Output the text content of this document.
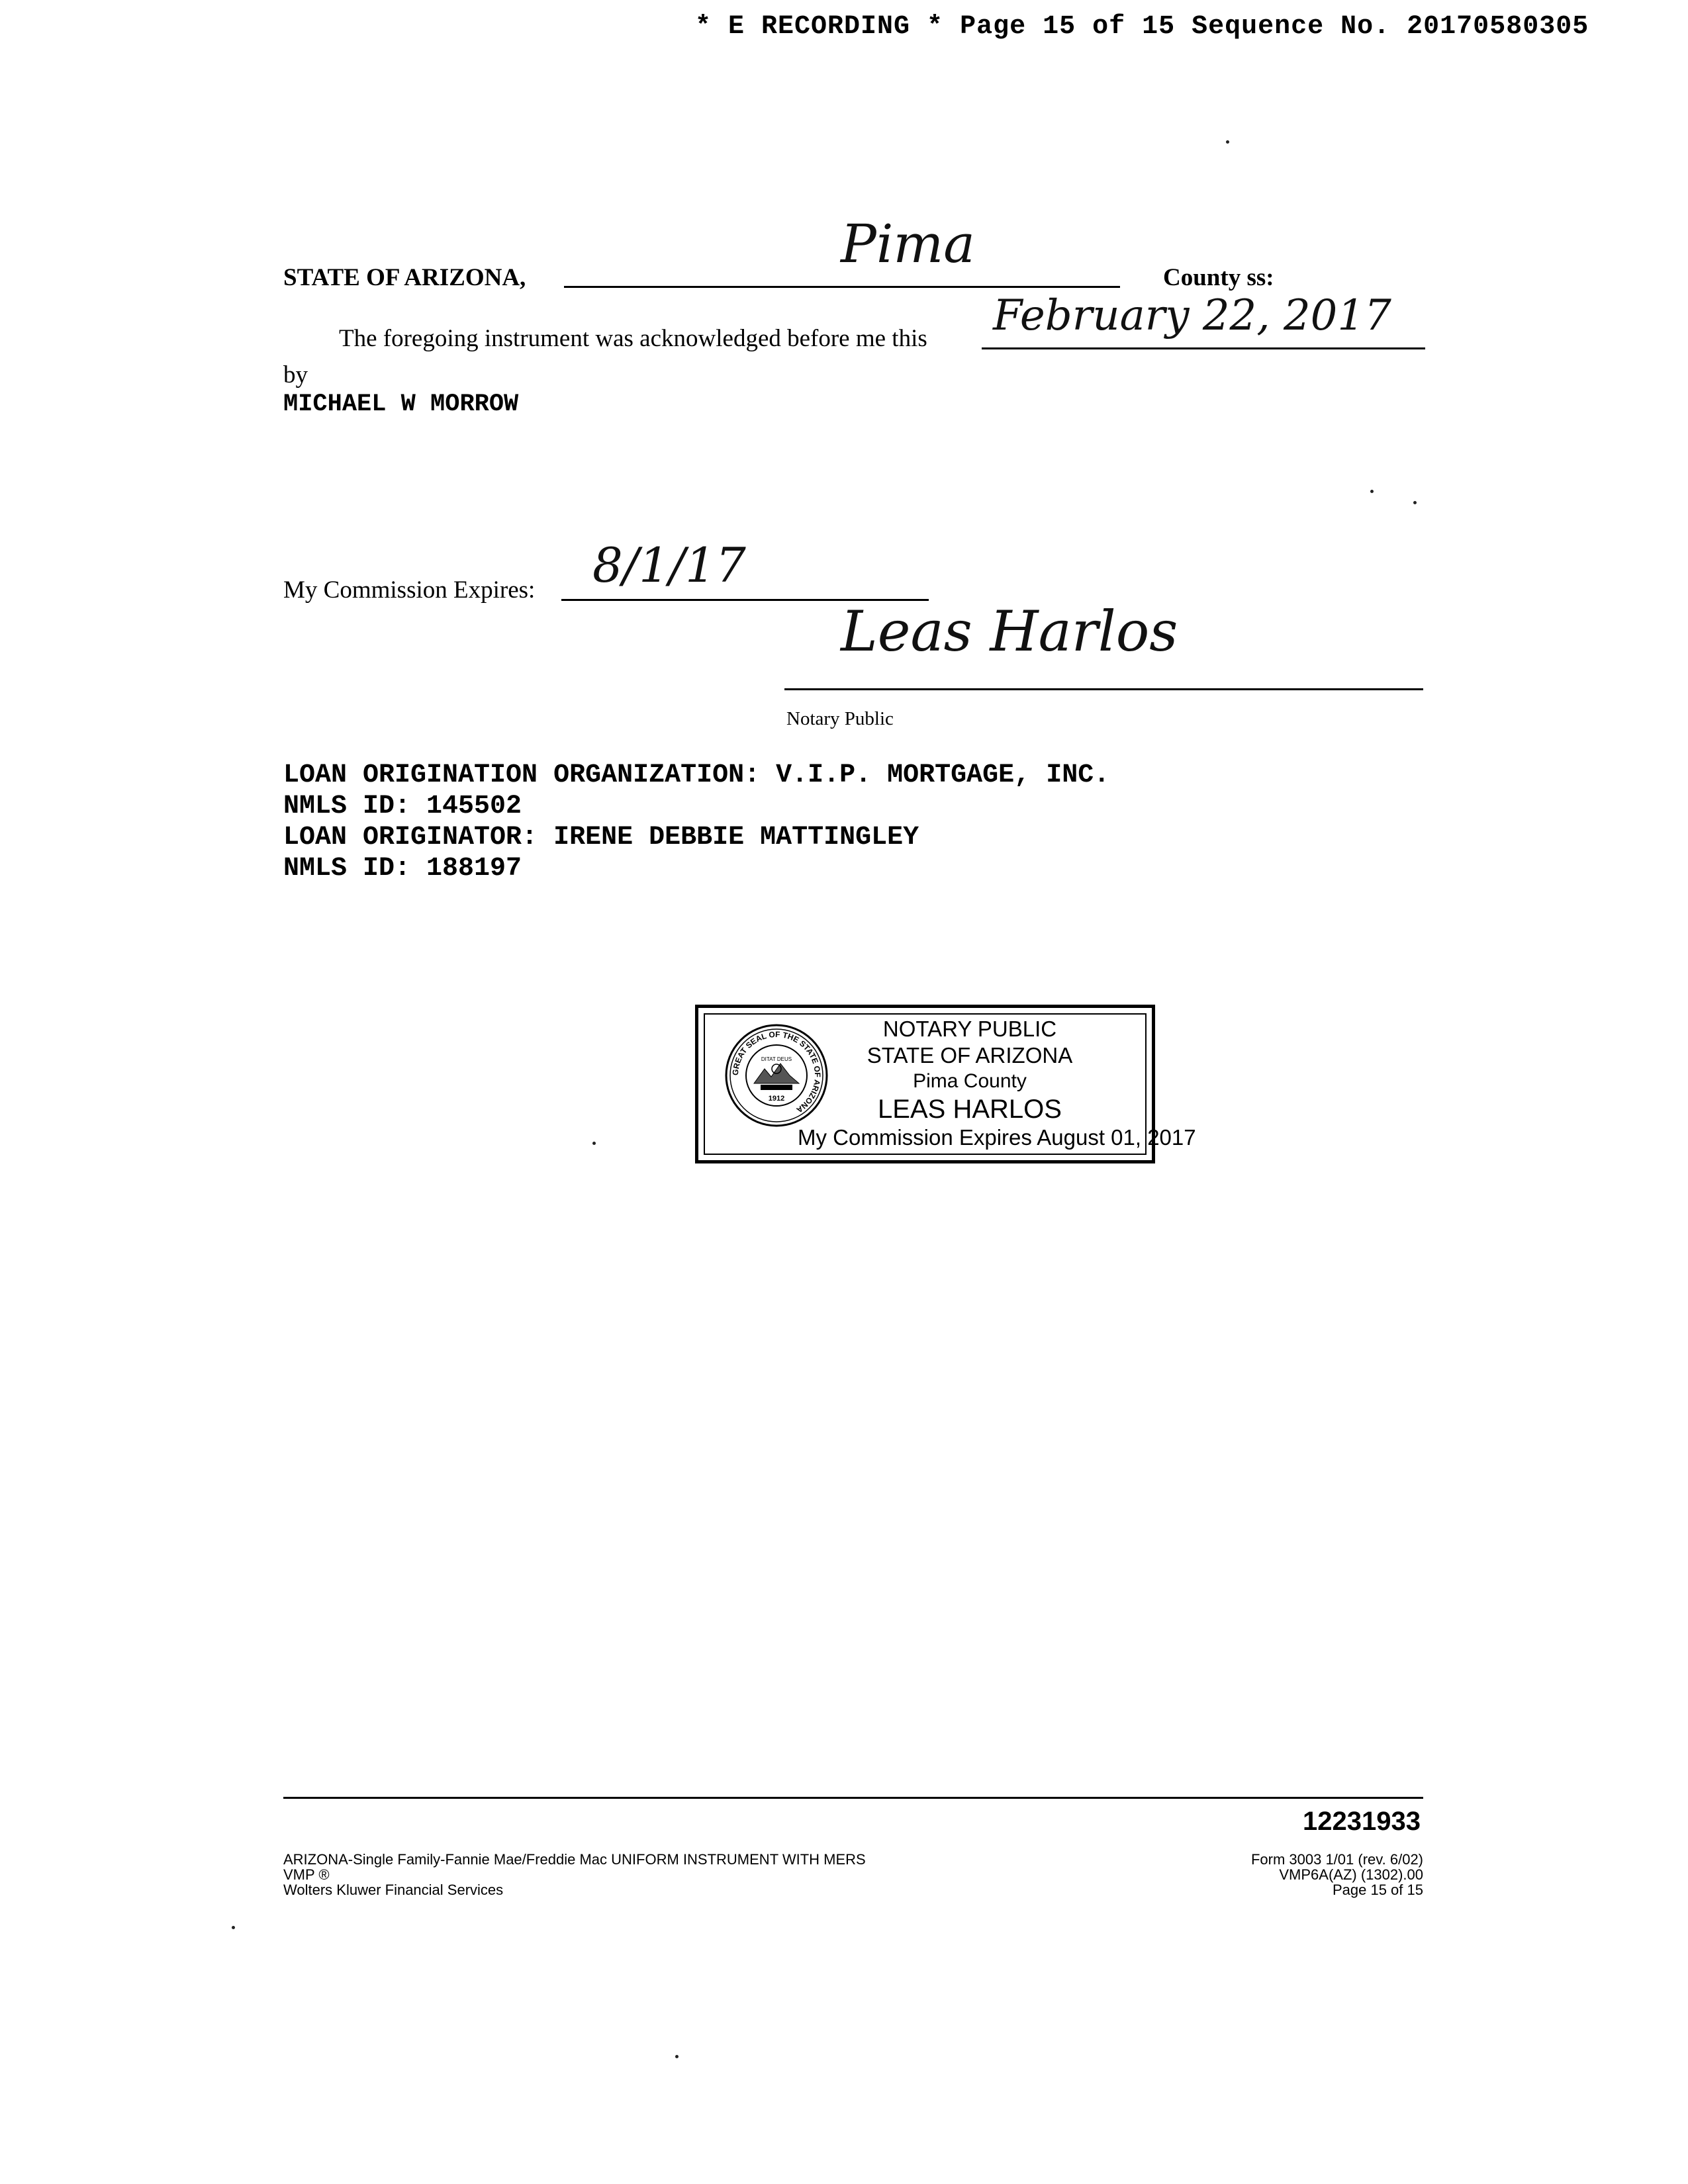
* E RECORDING * Page 15 of 15 Sequence No. 20170580305
STATE OF ARIZONA,
Pima
County ss:
The foregoing instrument was acknowledged before me this February 22, 2017
by
MICHAEL W MORROW
My Commission Expires: 8/1/17
Leas Harlos
Notary Public
LOAN ORIGINATION ORGANIZATION: V.I.P. MORTGAGE, INC.
NMLS ID: 145502
LOAN ORIGINATOR: IRENE DEBBIE MATTINGLEY
NMLS ID: 188197
GREAT SEAL OF THE STATE OF ARIZONA
DITAT DEUS
1912
NOTARY PUBLIC
STATE OF ARIZONA
Pima County
LEAS HARLOS
My Commission Expires August 01, 2017
12231933
ARIZONA-Single Family-Fannie Mae/Freddie Mac UNIFORM INSTRUMENT WITH MERS
VMP ®
Wolters Kluwer Financial Services
Form 3003 1/01 (rev. 6/02)
VMP6A(AZ) (1302).00
Page 15 of 15
